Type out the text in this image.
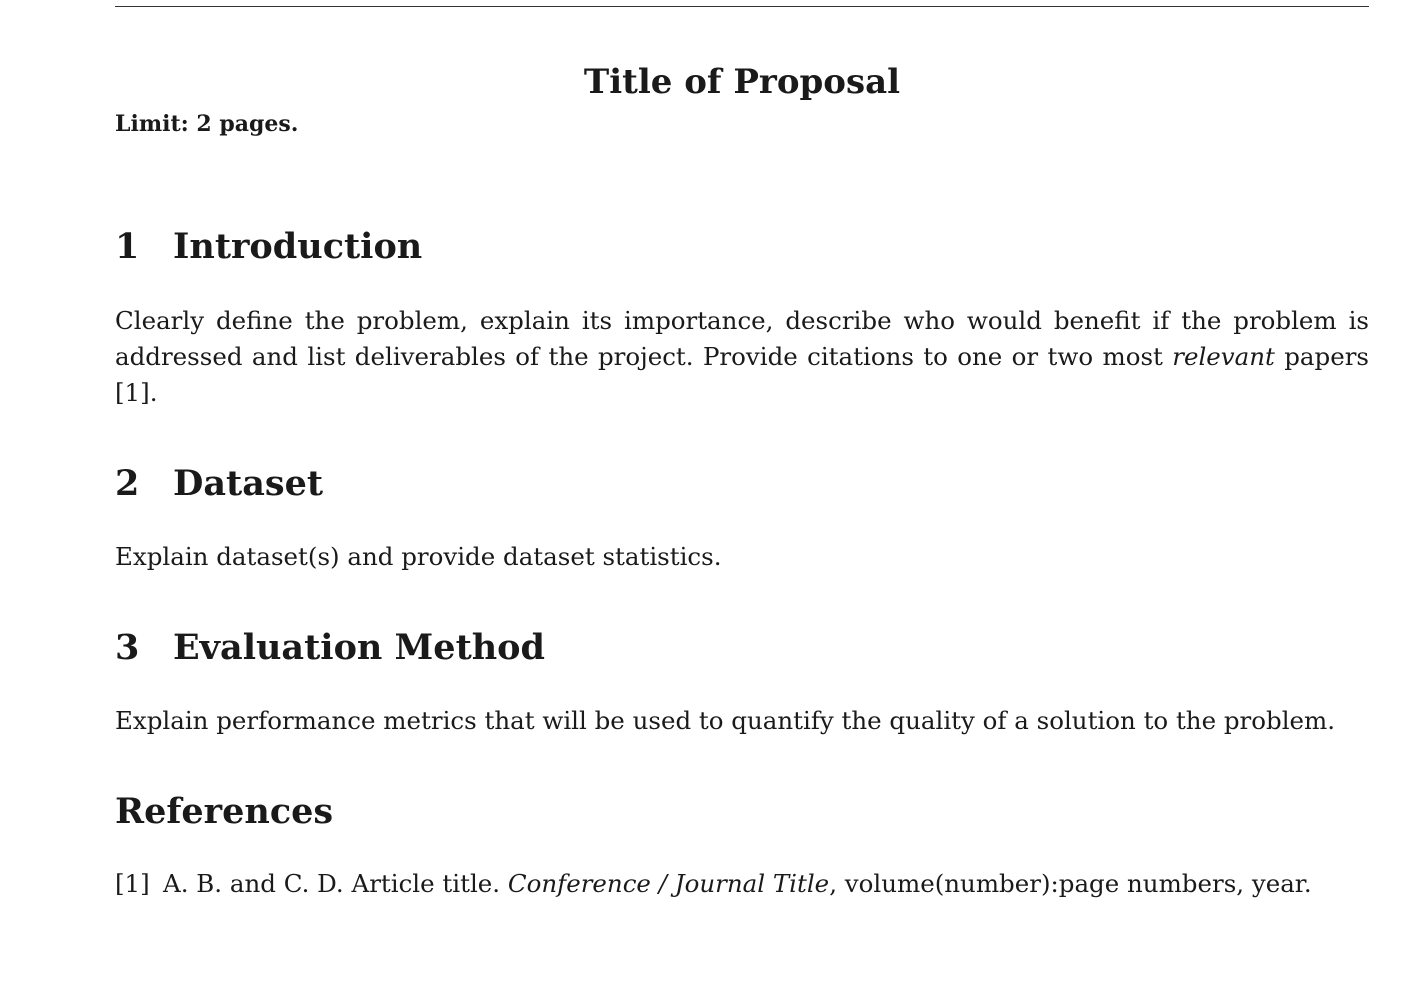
Title of Proposal

Limit: 2 pages.

1 Introduction

Clearly define the problem, explain its importance, describe who would benefit if the problem is addressed and list deliverables of the project. Provide citations to one or two most relevant papers [1].

2 Dataset

Explain dataset(s) and provide dataset statistics.

3 Evaluation Method

Explain performance metrics that will be used to quantify the quality of a solution to the problem.

References

[1] A. B. and C. D. Article title. Conference / Journal Title, volume(number):page numbers, year.
